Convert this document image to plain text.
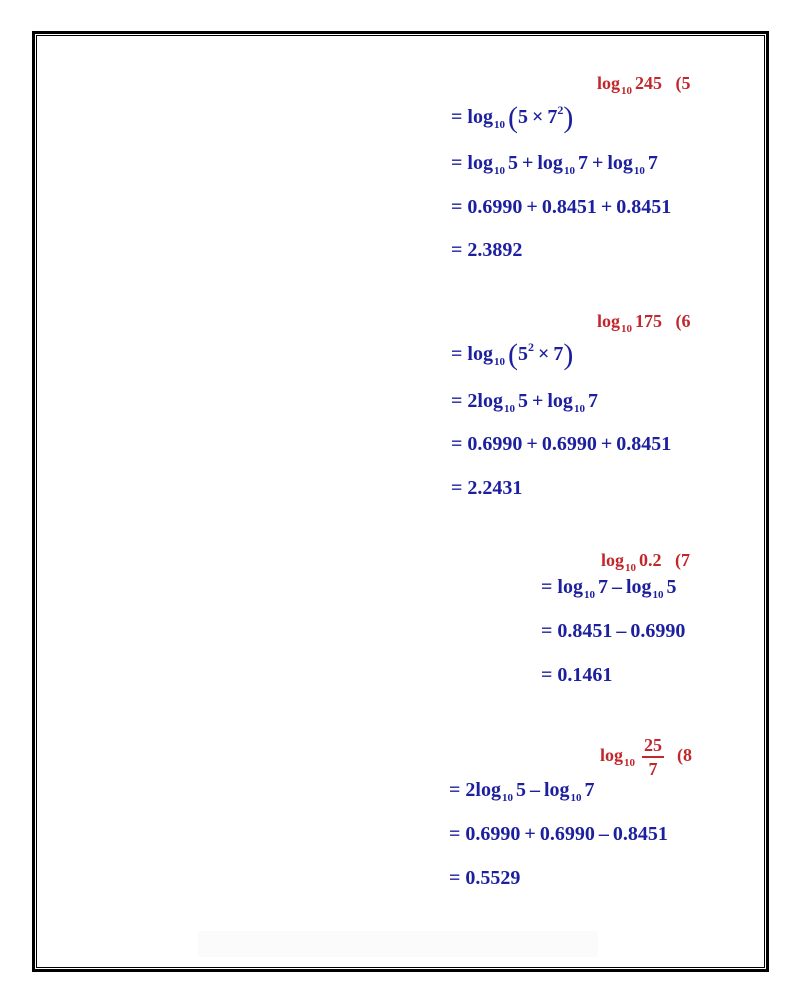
$\log_{10} 245$ (5
= $\log_{10} (5 \times 7^2)$
= $\log_{10} 5 + \log_{10} 7 + \log_{10} 7$
= 0.6990 + 0.8451 + 0.8451
= 2.3892
$\log_{10} 175$ (6
= $\log_{10} (5^2 \times 7)$
= $2\log_{10}$ $5 + \log_{10} 7$
= 0.6990 + 0.6990 + 0.8451
= 2.2431
$\log_{10} 0.2$ (7
= $\log_{10} 7 - \log_{10} 5$
= 0.8451 – 0.6990
= 0.1461
$\log_{10} \frac{25}{7} (8$
= $2\log_{10}$ $5 - \log_{10} 7$
= 0.6990 + 0.6990 – 0.8451
= 0.5529
